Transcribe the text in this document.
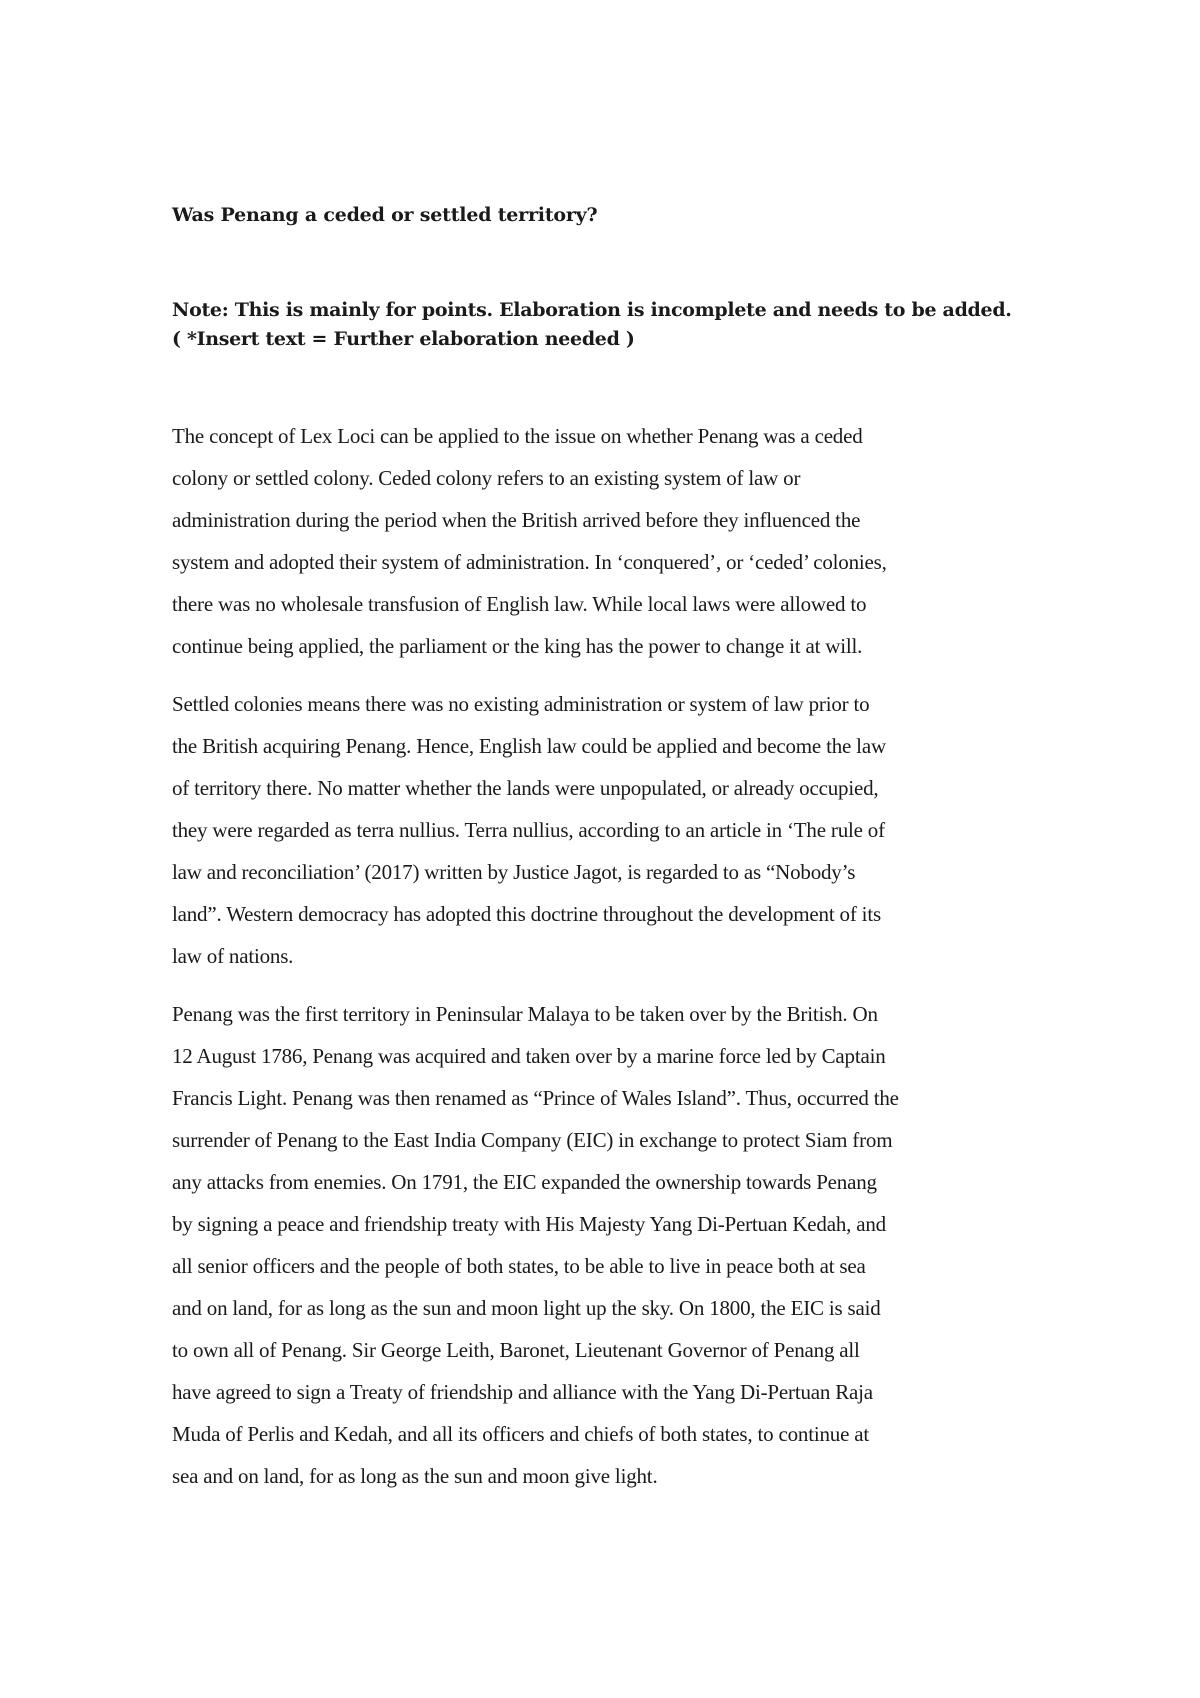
Was Penang a ceded or settled territory?
Note: This is mainly for points. Elaboration is incomplete and needs to be added.
( *Insert text = Further elaboration needed )
The concept of Lex Loci can be applied to the issue on whether Penang was a ceded
colony or settled colony. Ceded colony refers to an existing system of law or
administration during the period when the British arrived before they influenced the
system and adopted their system of administration. In ‘conquered’, or ‘ceded’ colonies,
there was no wholesale transfusion of English law. While local laws were allowed to
continue being applied, the parliament or the king has the power to change it at will.
Settled colonies means there was no existing administration or system of law prior to
the British acquiring Penang. Hence, English law could be applied and become the law
of territory there. No matter whether the lands were unpopulated, or already occupied,
they were regarded as terra nullius. Terra nullius, according to an article in ‘The rule of
law and reconciliation’ (2017) written by Justice Jagot, is regarded to as “Nobody’s
land”. Western democracy has adopted this doctrine throughout the development of its
law of nations.
Penang was the first territory in Peninsular Malaya to be taken over by the British. On
12 August 1786, Penang was acquired and taken over by a marine force led by Captain
Francis Light. Penang was then renamed as “Prince of Wales Island”. Thus, occurred the
surrender of Penang to the East India Company (EIC) in exchange to protect Siam from
any attacks from enemies. On 1791, the EIC expanded the ownership towards Penang
by signing a peace and friendship treaty with His Majesty Yang Di-Pertuan Kedah, and
all senior officers and the people of both states, to be able to live in peace both at sea
and on land, for as long as the sun and moon light up the sky. On 1800, the EIC is said
to own all of Penang. Sir George Leith, Baronet, Lieutenant Governor of Penang all
have agreed to sign a Treaty of friendship and alliance with the Yang Di-Pertuan Raja
Muda of Perlis and Kedah, and all its officers and chiefs of both states, to continue at
sea and on land, for as long as the sun and moon give light.
